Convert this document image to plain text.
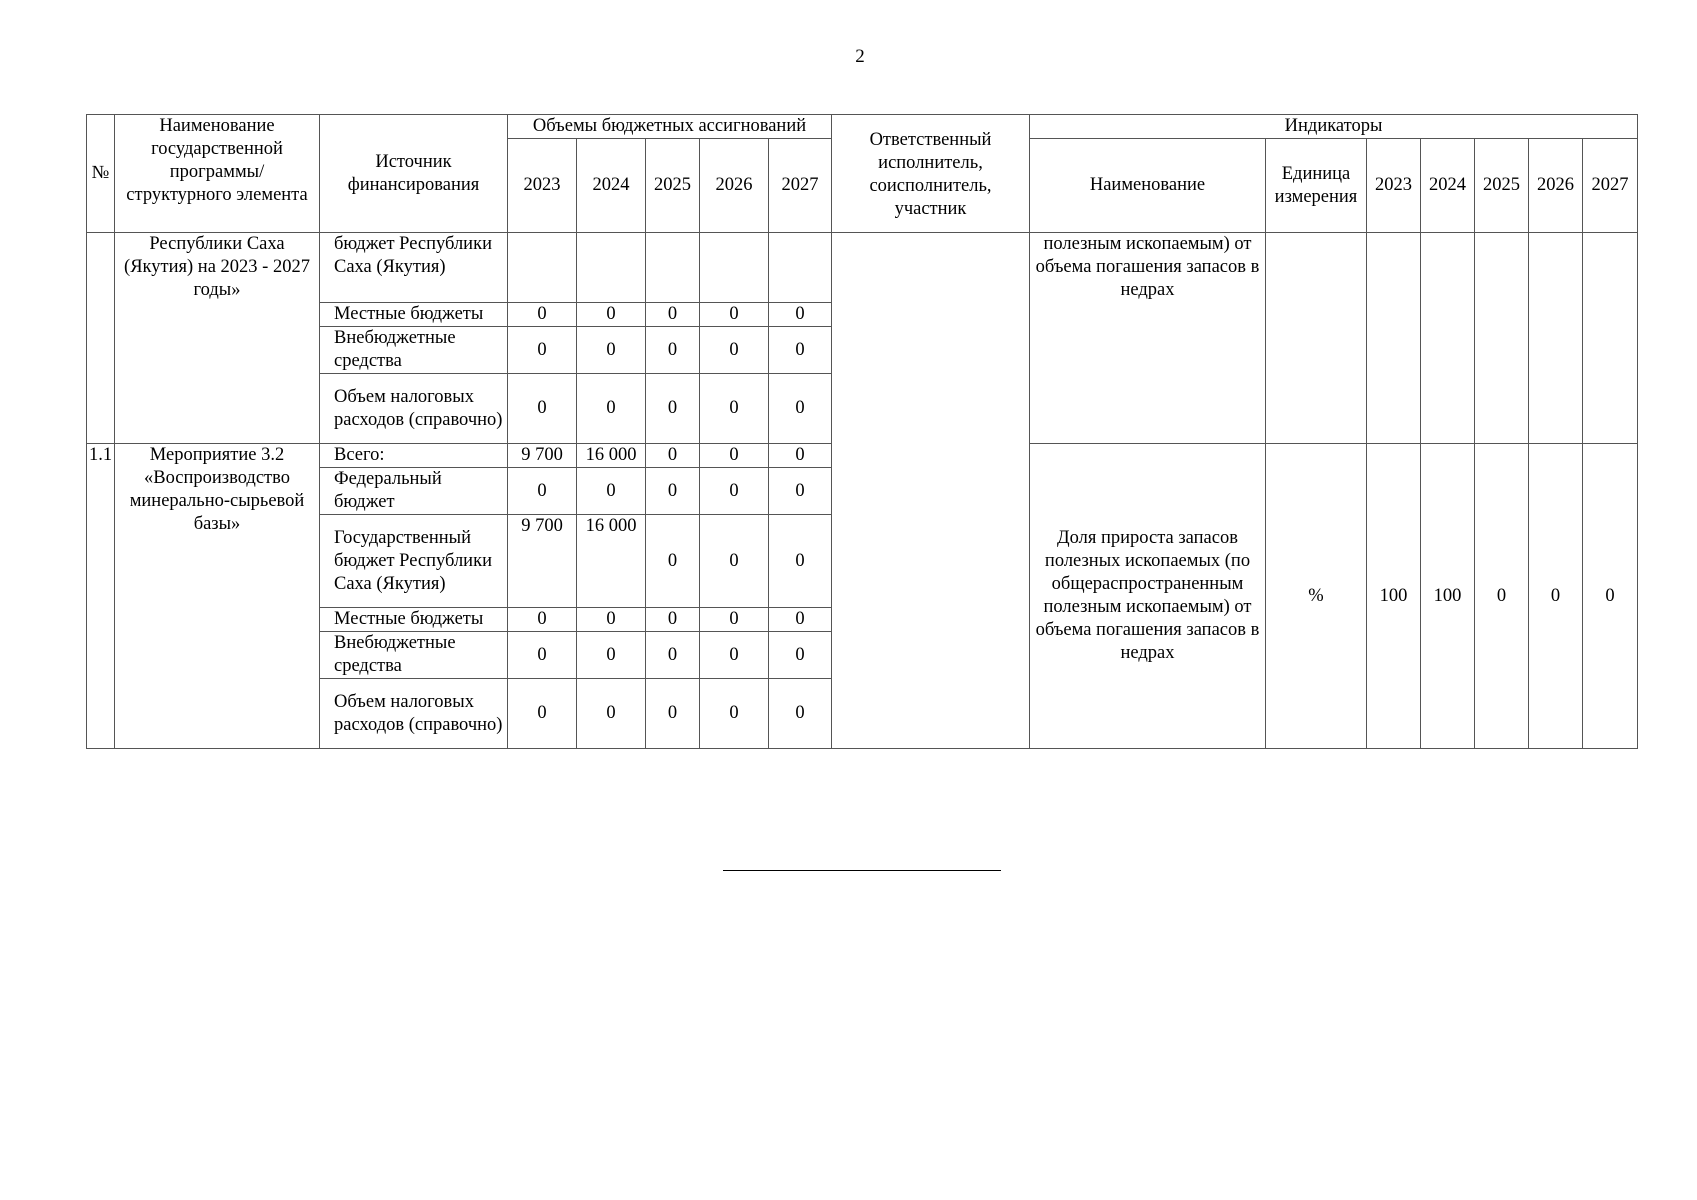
2
№	Наименование государственной программы/ структурного элемента	Источник финансирования	Объемы бюджетных ассигнований					Ответственный исполнитель, соисполнитель, участник	Индикаторы						
			2023	2024	2025	2026	2027		Наименование	Единица измерения	2023	2024	2025	2026	2027
	Республики Саха (Якутия) на 2023 - 2027 годы»	бюджет Республики Саха (Якутия)							полезным ископаемым) от объема погашения запасов в недрах						
		Местные бюджеты	0	0	0	0	0								
		Внебюджетные средства	0	0	0	0	0								
		Объем налоговых расходов (справочно)	0	0	0	0	0								
1.1	Мероприятие 3.2 «Воспроизводство минерально-сырьевой базы»	Всего:	9 700	16 000	0	0	0		Доля прироста запасов полезных ископаемых (по общераспространенным полезным ископаемым) от объема погашения запасов в недрах	%	100	100	0	0	0
		Федеральный бюджет	0	0	0	0	0								
		Государственный бюджет Республики Саха (Якутия)	9 700	16 000	0	0	0								
		Местные бюджеты	0	0	0	0	0								
		Внебюджетные средства	0	0	0	0	0								
		Объем налоговых расходов (справочно)	0	0	0	0	0								
